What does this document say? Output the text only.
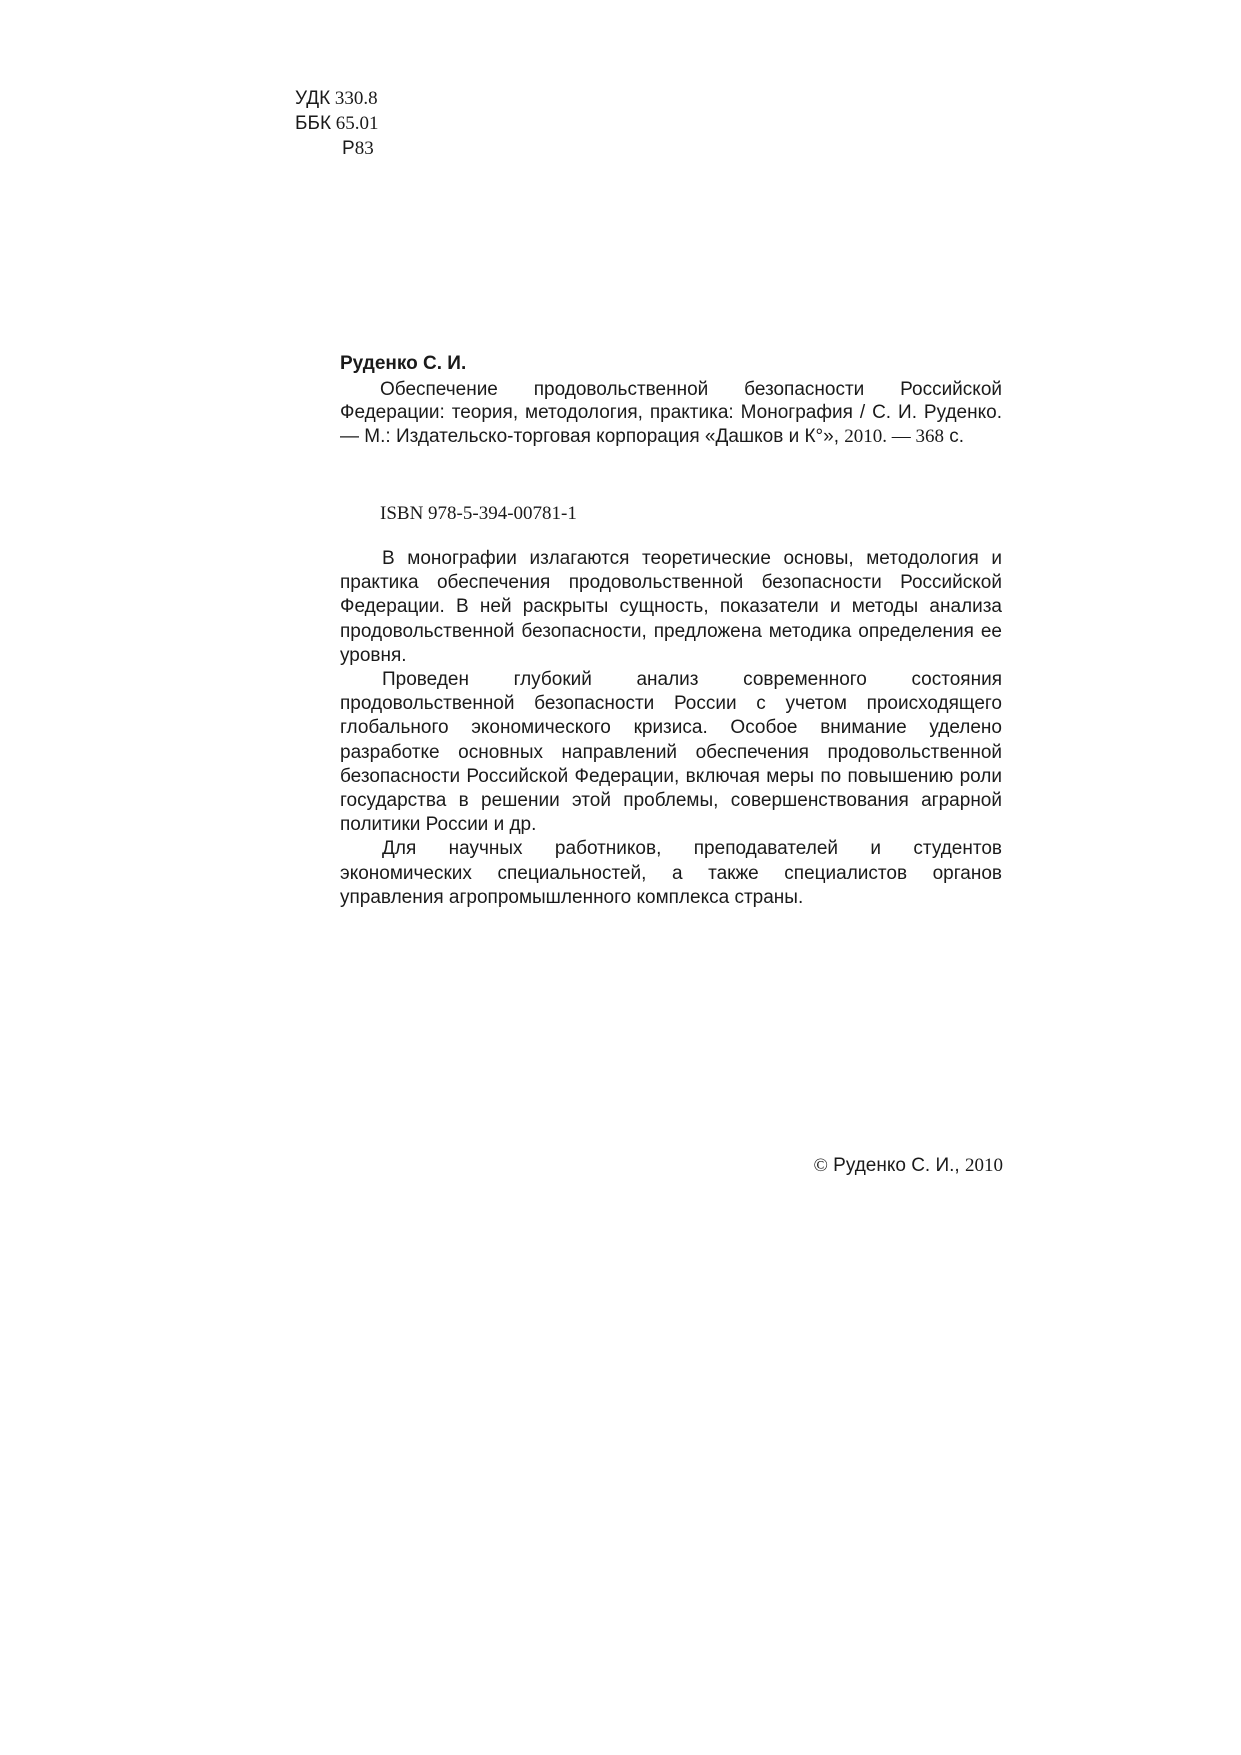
УДК 330.8
ББК 65.01
Р83
Руденко С. И.

Обеспечение продовольственной безопасности Российской Федерации: теория, методология, практика: Монография / С. И. Руденко. — М.: Издательско-торговая корпорация «Дашков и К°», 2010. — 368 с.

ISBN 978-5-394-00781-1

В монографии излагаются теоретические основы, методология и практика обеспечения продовольственной безопасности Российской Федерации. В ней раскрыты сущность, показатели и методы анализа продовольственной безопасности, предложена методика определения ее уровня.

Проведен глубокий анализ современного состояния продовольственной безопасности России с учетом происходящего глобального экономического кризиса. Особое внимание уделено разработке основных направлений обеспечения продовольственной безопасности Российской Федерации, включая меры по повышению роли государства в решении этой проблемы, совершенствования аграрной политики России и др.

Для научных работников, преподавателей и студентов экономических специальностей, а также специалистов органов управления агропромышленного комплекса страны.

© Руденко С. И., 2010
